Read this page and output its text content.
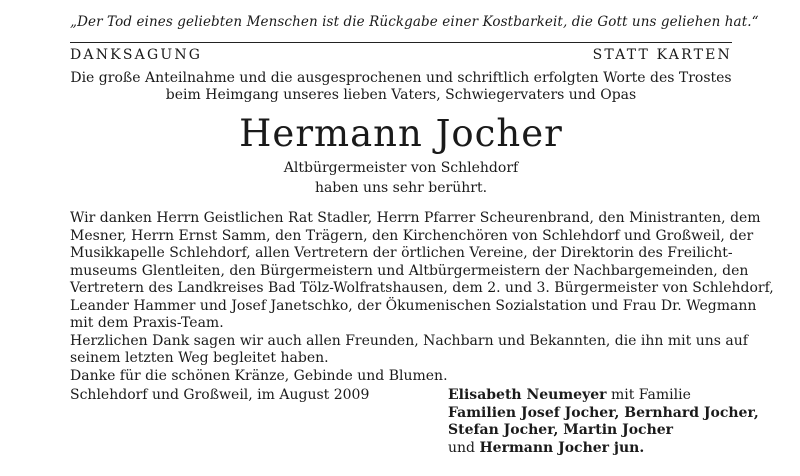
„Der Tod eines geliebten Menschen ist die Rückgabe einer Kostbarkeit, die Gott uns geliehen hat.“
DANKSAGUNG	STATT KARTEN
Die große Anteilnahme und die ausgesprochenen und schriftlich erfolgten Worte des Trostes
beim Heimgang unseres lieben Vaters, Schwiegervaters und Opas
Hermann Jocher
Altbürgermeister von Schlehdorf
haben uns sehr berührt.
Wir danken Herrn Geistlichen Rat Stadler, Herrn Pfarrer Scheurenbrand, den Ministranten, dem
Mesner, Herrn Ernst Samm, den Trägern, den Kirchenchören von Schlehdorf und Großweil, der
Musikkapelle Schlehdorf, allen Vertretern der örtlichen Vereine, der Direktorin des Freilicht-
museums Glentleiten, den Bürgermeistern und Altbürgermeistern der Nachbargemeinden, den
Vertretern des Landkreises Bad Tölz-Wolfratshausen, dem 2. und 3. Bürgermeister von Schlehdorf,
Leander Hammer und Josef Janetschko, der Ökumenischen Sozialstation und Frau Dr. Wegmann
mit dem Praxis-Team.
Herzlichen Dank sagen wir auch allen Freunden, Nachbarn und Bekannten, die ihn mit uns auf
seinem letzten Weg begleitet haben.
Danke für die schönen Kränze, Gebinde und Blumen.
Schlehdorf und Großweil, im August 2009	Elisabeth Neumeyer mit Familie
Familien Josef Jocher, Bernhard Jocher,
Stefan Jocher, Martin Jocher
und Hermann Jocher jun.
